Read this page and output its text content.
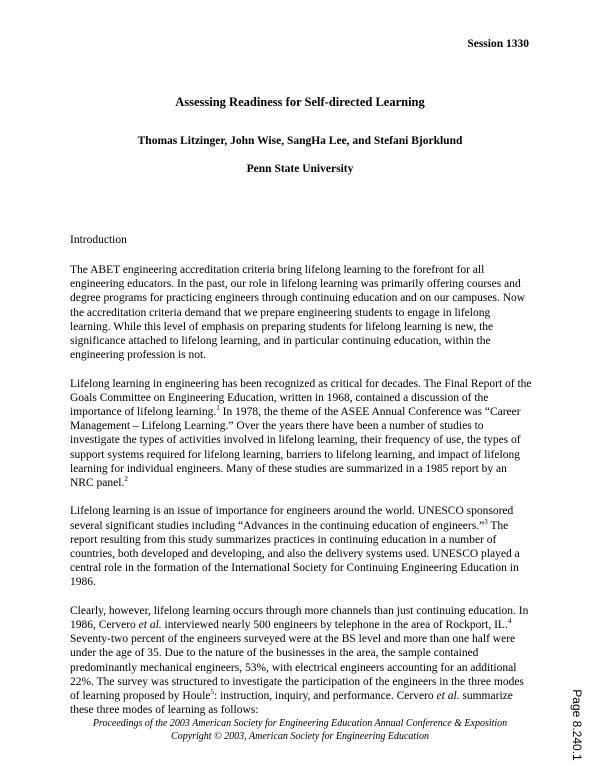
Session 1330
Assessing Readiness for Self-directed Learning
Thomas Litzinger, John Wise, SangHa Lee, and Stefani Bjorklund
Penn State University
Introduction

The ABET engineering accreditation criteria bring lifelong learning to the forefront for all engineering educators. In the past, our role in lifelong learning was primarily offering courses and degree programs for practicing engineers through continuing education and on our campuses. Now the accreditation criteria demand that we prepare engineering students to engage in lifelong learning. While this level of emphasis on preparing students for lifelong learning is new, the significance attached to lifelong learning, and in particular continuing education, within the engineering profession is not.

Lifelong learning in engineering has been recognized as critical for decades. The Final Report of the Goals Committee on Engineering Education, written in 1968, contained a discussion of the importance of lifelong learning.$^1$ In 1978, the theme of the ASEE Annual Conference was “Career Management – Lifelong Learning.” Over the years there have been a number of studies to investigate the types of activities involved in lifelong learning, their frequency of use, the types of support systems required for lifelong learning, barriers to lifelong learning, and impact of lifelong learning for individual engineers. Many of these studies are summarized in a 1985 report by an NRC panel.$^2$

Lifelong learning is an issue of importance for engineers around the world. UNESCO sponsored several significant studies including “Advances in the continuing education of engineers.”$^3$ The report resulting from this study summarizes practices in continuing education in a number of countries, both developed and developing, and also the delivery systems used. UNESCO played a central role in the formation of the International Society for Continuing Engineering Education in 1986.

Clearly, however, lifelong learning occurs through more channels than just continuing education. In 1986, Cervero et al. interviewed nearly 500 engineers by telephone in the area of Rockport, IL.$^4$ Seventy-two percent of the engineers surveyed were at the BS level and more than one half were under the age of 35. Due to the nature of the businesses in the area, the sample contained predominantly mechanical engineers, 53%, with electrical engineers accounting for an additional 22%. The survey was structured to investigate the participation of the engineers in the three modes of learning proposed by Houle$^5$: instruction, inquiry, and performance. Cervero et al. summarize these three modes of learning as follows:

Proceedings of the 2003 American Society for Engineering Education Annual Conference & Exposition
Copyright © 2003, American Society for Engineering Education	Page 8.240.1
